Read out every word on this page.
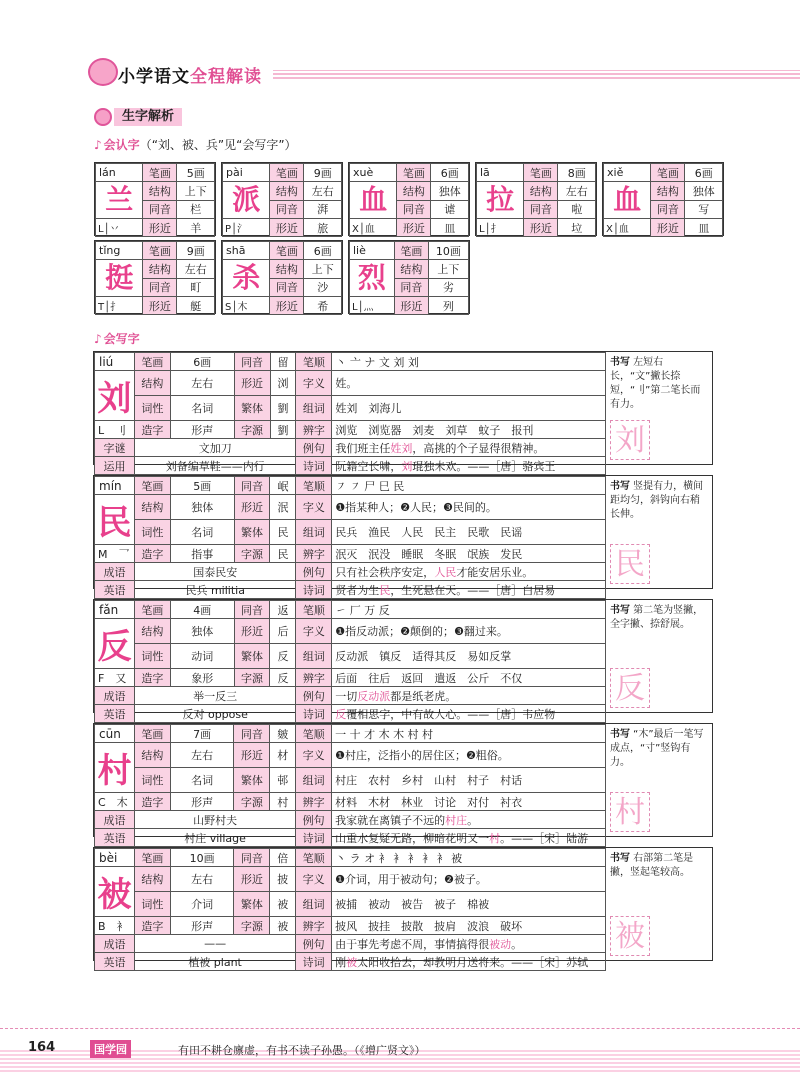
小学语文全程解读
生字解析
♪ 会认字（“刘、被、兵”见“会写字”）
lán	笔画	5画
兰	结构	上下
	同音	栏
L│丷	形近	羊
pài	笔画	9画
派	结构	左右
	同音	湃
P│氵	形近	旅
xuè	笔画	6画
血	结构	独体
	同音	谑
X│血	形近	皿
lā	笔画	8画
拉	结构	左右
	同音	啦
L│扌	形近	垃
xiě	笔画	6画
血	结构	独体
	同音	写
X│血	形近	皿
tǐng	笔画	9画
挺	结构	左右
	同音	町
T│扌	形近	艇
shā	笔画	6画
杀	结构	上下
	同音	沙
S│木	形近	希
liè	笔画	10画
烈	结构	上下
	同音	劣
L│灬	形近	列
♪ 会写字
liú	笔画	6画	同音	留	笔顺	丶 亠 ナ 文 刘 刘
刘	结构	左右	形近	浏	字义	姓。
	词性	名词	繁体	劉	组词	姓刘　刘海儿
L　刂	造字	形声	字源	劉	辨字	浏览　浏览器　刘麦　刘草　蚊子　报刊
字谜	文加刀				例句	我们班主任姓刘，高挑的个子显得很精神。
运用	刘备编草鞋——内行				诗词	阮籍空长啸，刘琨独未欢。——［唐］骆宾王
书写 左短右长，“文”撇长捺短，“刂”第二笔长而有力。
刘
mín	笔画	5画	同音	岷	笔顺	㇇ ㇇ 尸 巳 民
民	结构	独体	形近	泯	字义	❶指某种人；❷人民；❸民间的。
	词性	名词	繁体	民	组词	民兵　渔民　人民　民主　民歌　民谣
M　乛	造字	指事	字源	民	辨字	泯灭　泯没　睡眠　冬眠　氓族　发民
成语	国泰民安				例句	只有社会秩序安定，人民才能安居乐业。
英语	民兵 militia				诗词	贤者为生民，生死悬在天。——［唐］白居易
书写 竖提有力，横间距均匀，斜钩向右稍长伸。
民
fǎn	笔画	4画	同音	返	笔顺	㇀ 厂 万 反
反	结构	独体	形近	后	字义	❶指反动派；❷颠倒的；❸翻过来。
	词性	动词	繁体	反	组词	反动派　镇反　适得其反　易如反掌
F　又	造字	象形	字源	反	辨字	后面　往后　返回　遣返　公斤　不仅
成语	举一反三				例句	一切反动派都是纸老虎。
英语	反对 oppose				诗词	反覆相思字，中有故人心。——［唐］韦应物
书写 第二笔为竖撇，全字撇、捺舒展。
反
cūn	笔画	7画	同音	皴	笔顺	一 十 才 木 木 村 村
村	结构	左右	形近	材	字义	❶村庄，泛指小的居住区；❷粗俗。
	词性	名词	繁体	邨	组词	村庄　农村　乡村　山村　村子　村话
C　木	造字	形声	字源	村	辨字	材料　木材　林业　讨论　对付　衬衣
成语	山野村夫				例句	我家就在离镇子不远的村庄。
英语	村庄 village				诗词	山重水复疑无路，柳暗花明又一村。——［宋］陆游
书写 “木”最后一笔写成点，“寸”竖钩有力。
村
bèi	笔画	10画	同音	倍	笔顺	丶 ラ オ 衤 衤 衤 衤 衤 被
被	结构	左右	形近	披	字义	❶介词，用于被动句；❷被子。
	词性	介词	繁体	被	组词	被捕　被动　被告　被子　棉被
B　衤	造字	形声	字源	被	辨字	披风　披挂　披散　披肩　波浪　破坏
成语	——				例句	由于事先考虑不周，事情搞得很被动。
英语	植被 plant				诗词	刚被太阳收拾去，却教明月送将来。——［宋］苏轼
书写 右部第二笔是撇，竖起笔较高。
被
164	国学园	有田不耕仓廪虚，有书不读子孙愚。（《增广贤文》）
